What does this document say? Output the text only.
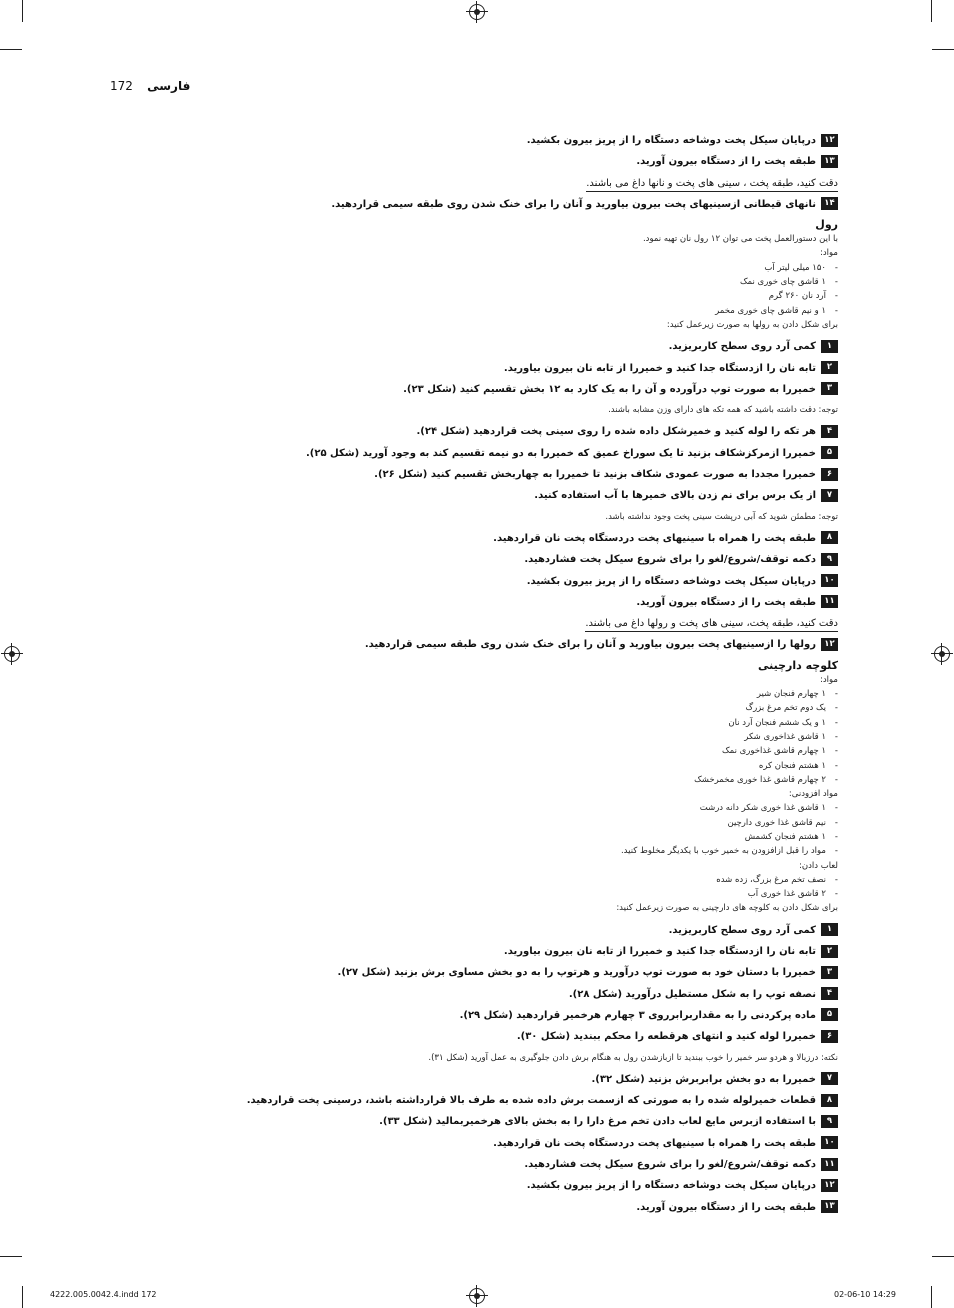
172 فارسی
۱۲درپایان سیکل پخت دوشاخه دستگاه را از پریز بیرون بکشید.
۱۳طبقه پخت را از دستگاه بیرون آورید.
دقت کنید، طبقه پخت ، سینی های پخت و نانها داغ می باشند.
۱۴نانهای قیطانی ازسینیهای پخت بیرون بیاورید و آنان را برای خنک شدن روی طبقه سیمی قراردهید.
رول
با این دستورالعمل پخت می توان ۱۲ رول نان تهیه نمود.
مواد:
- ۱۵۰ میلی لیتر آب
- ۱ قاشق چای خوری نمک
- آرد نان ۲۶۰ گرم
- ۱ و نیم قاشق چای خوری مخمر
برای شکل دادن به رولها به صورت زیرعمل کنید:
۱کمی آرد روی سطح کاربریزید.
۲تابه نان را ازدستگاه جدا کنید و خمیررا از تابه نان بیرون بیاورید.
۳خمیررا به صورت توپ درآورده و آن را به یک کارد به ۱۲ بخش تقسیم کنید (شکل ۲۳).
توجه: دقت داشته باشید که همه تکه های دارای وزن مشابه باشند.
۴هر تکه را لوله کنید و خمیرشکل داده شده را روی سینی پخت قراردهید (شکل ۲۴).
۵خمیررا ازمرکزشکاف بزنید تا یک سوراخ عمیق که خمیررا به دو نیمه تقسیم کند به وجود آورید (شکل ۲۵).
۶خمیررا مجددا به صورت عمودی شکاف بزنید تا خمیررا به چهاربخش تقسیم کنید (شکل ۲۶).
۷از یک برس برای نم زدن بالای خمیرها با آب استفاده کنید.
توجه: مطمئن شوید که آبی درپشت سینی پخت وجود نداشته باشد.
۸طبقه پخت را همراه با سینیهای پخت دردستگاه پخت نان قراردهید.
۹دکمه توقف/شروع/لغو را برای شروع سیکل پخت فشاردهید.
۱۰درپایان سیکل پخت دوشاخه دستگاه را از پریز بیرون بکشید.
۱۱طبقه پخت را از دستگاه بیرون آورید.
دقت کنید، طبقه پخت، سینی های پخت و رولها داغ می باشند.
۱۲رولها را ازسینیهای پخت بیرون بیاورید و آنان را برای خنک شدن روی طبقه سیمی قراردهید.
کلوچه دارچینی
مواد:
- ۱ چهارم فنجان شیر
- یک دوم تخم مرغ بزرگ
- ۱ و یک ششم فنجان آرد نان
- ۱ قاشق غذاخوری شکر
- ۱ چهارم قاشق غذاخوری نمک
- ۱ هشتم فنجان کره
- ۲ چهارم قاشق غذا خوری مخمرخشک
مواد افزودنی:
- ۱ قاشق غذا خوری شکر دانه درشت
- نیم قاشق غذا خوری دارچین
- ۱ هشتم فنجان کشمش
- مواد را قبل ازافزودن به خمیر خوب با یکدیگر مخلوط کنید.
لعاب دادن:
- نصف تخم مرغ بزرگ، زده شده
- ۲ قاشق غذا خوری آب
برای شکل دادن به کلوچه های دارچینی به صورت زیرعمل کنید:
۱کمی آرد روی سطح کاربریزید.
۲تابه نان را ازدستگاه جدا کنید و خمیررا از تابه نان بیرون بیاورید.
۳خمیررا با دستان خود به صورت توپ درآورید و هرتوپ را به دو بخش مساوی برش بزنید (شکل ۲۷).
۴نصفه توپ را به شکل مستطیل درآورید (شکل ۲۸).
۵ماده پرکردنی را به مقداربرابرروی ۳ چهارم هرخمیر قراردهید (شکل ۲۹).
۶خمیررا لوله کنید و انتهای هرقطعه را محکم ببندید (شکل ۳۰).
نکته: درزبالا و هردو سر خمیر را خوب ببندید تا ازبازشدن رول به هنگام برش دادن جلوگیری به عمل آورید (شکل ۳۱).
۷خمیررا به دو بخش برابربرش بزنید (شکل ۳۲).
۸قطعات خمیرلوله شده را به صورتی که ازسمت برش داده شده به طرف بالا قرارداشته باشد، درسینی پخت قراردهید.
۹با استفاده ازبرس مایع لعاب دادن تخم مرغ دارا را به بخش بالای هرخمیربمالید (شکل ۳۳).
۱۰طبقه پخت را همراه با سینیهای پخت دردستگاه پخت نان قراردهید.
۱۱دکمه توقف/شروع/لغو را برای شروع سیکل پخت فشاردهید.
۱۲درپایان سیکل پخت دوشاخه دستگاه را از پریز بیرون بکشید.
۱۳طبقه پخت را از دستگاه بیرون آورید.
4222.005.0042.4.indd 172	02-06-10 14:29
